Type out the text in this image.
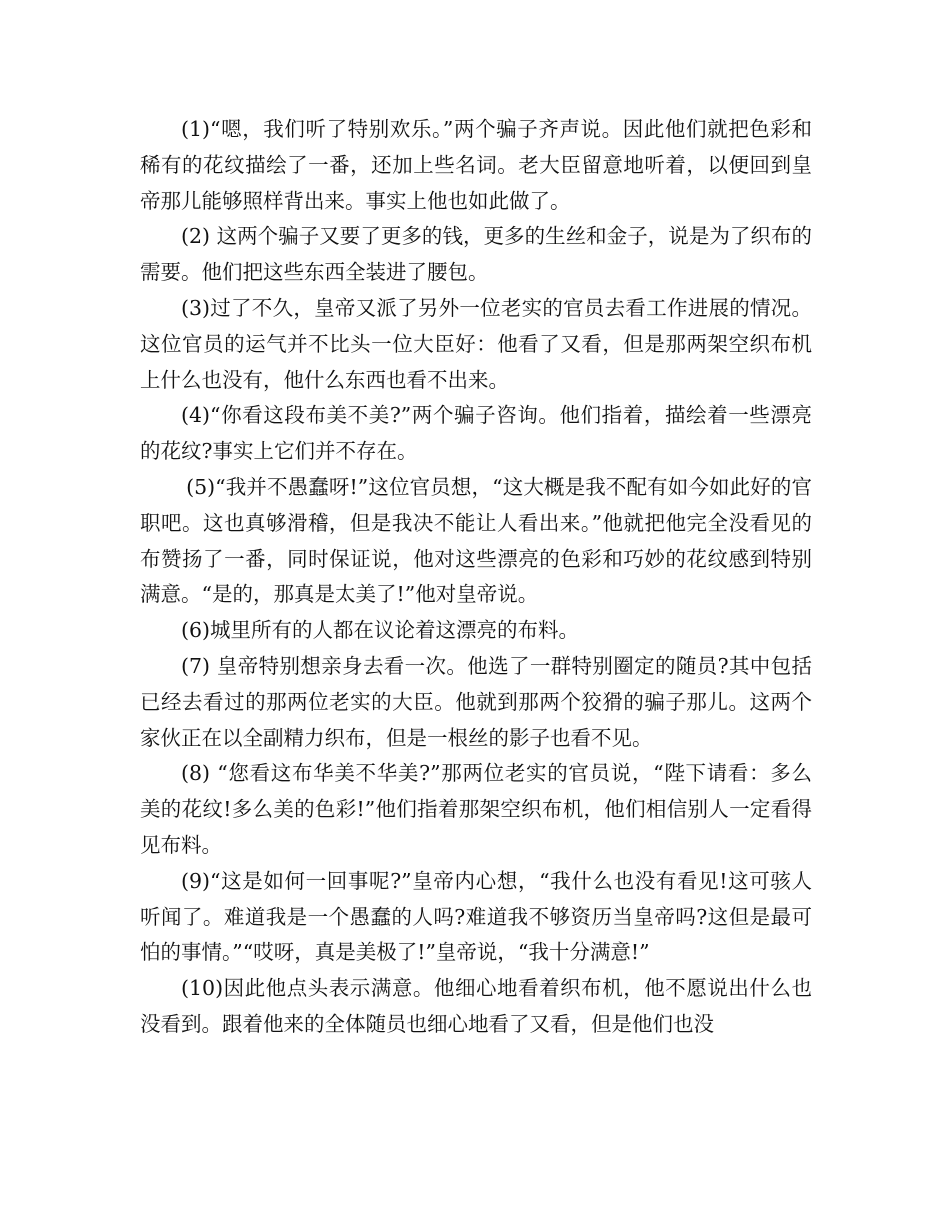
(1)“嗯，我们听了特别欢乐。”两个骗子齐声说。因此他们就把色彩和稀有的花纹描绘了一番，还加上些名词。老大臣留意地听着，以便回到皇帝那儿能够照样背出来。事实上他也如此做了。

(2) 这两个骗子又要了更多的钱，更多的生丝和金子，说是为了织布的需要。他们把这些东西全装进了腰包。

(3)过了不久，皇帝又派了另外一位老实的官员去看工作进展的情况。这位官员的运气并不比头一位大臣好：他看了又看，但是那两架空织布机上什么也没有，他什么东西也看不出来。

(4)“你看这段布美不美?”两个骗子咨询。他们指着，描绘着一些漂亮的花纹?事实上它们并不存在。

(5)“我并不愚蠢呀!”这位官员想，“这大概是我不配有如今如此好的官职吧。这也真够滑稽，但是我决不能让人看出来。”他就把他完全没看见的布赞扬了一番，同时保证说，他对这些漂亮的色彩和巧妙的花纹感到特别满意。“是的，那真是太美了!”他对皇帝说。

(6)城里所有的人都在议论着这漂亮的布料。

(7) 皇帝特别想亲身去看一次。他选了一群特别圈定的随员?其中包括已经去看过的那两位老实的大臣。他就到那两个狡猾的骗子那儿。这两个家伙正在以全副精力织布，但是一根丝的影子也看不见。

(8) “您看这布华美不华美?”那两位老实的官员说，“陛下请看：多么美的花纹!多么美的色彩!”他们指着那架空织布机，他们相信别人一定看得见布料。

(9)“这是如何一回事呢?”皇帝内心想，“我什么也没有看见!这可骇人听闻了。难道我是一个愚蠢的人吗?难道我不够资历当皇帝吗?这但是最可怕的事情。”“哎呀，真是美极了!”皇帝说，“我十分满意!”

(10)因此他点头表示满意。他细心地看着织布机，他不愿说出什么也没看到。跟着他来的全体随员也细心地看了又看，但是他们也没
